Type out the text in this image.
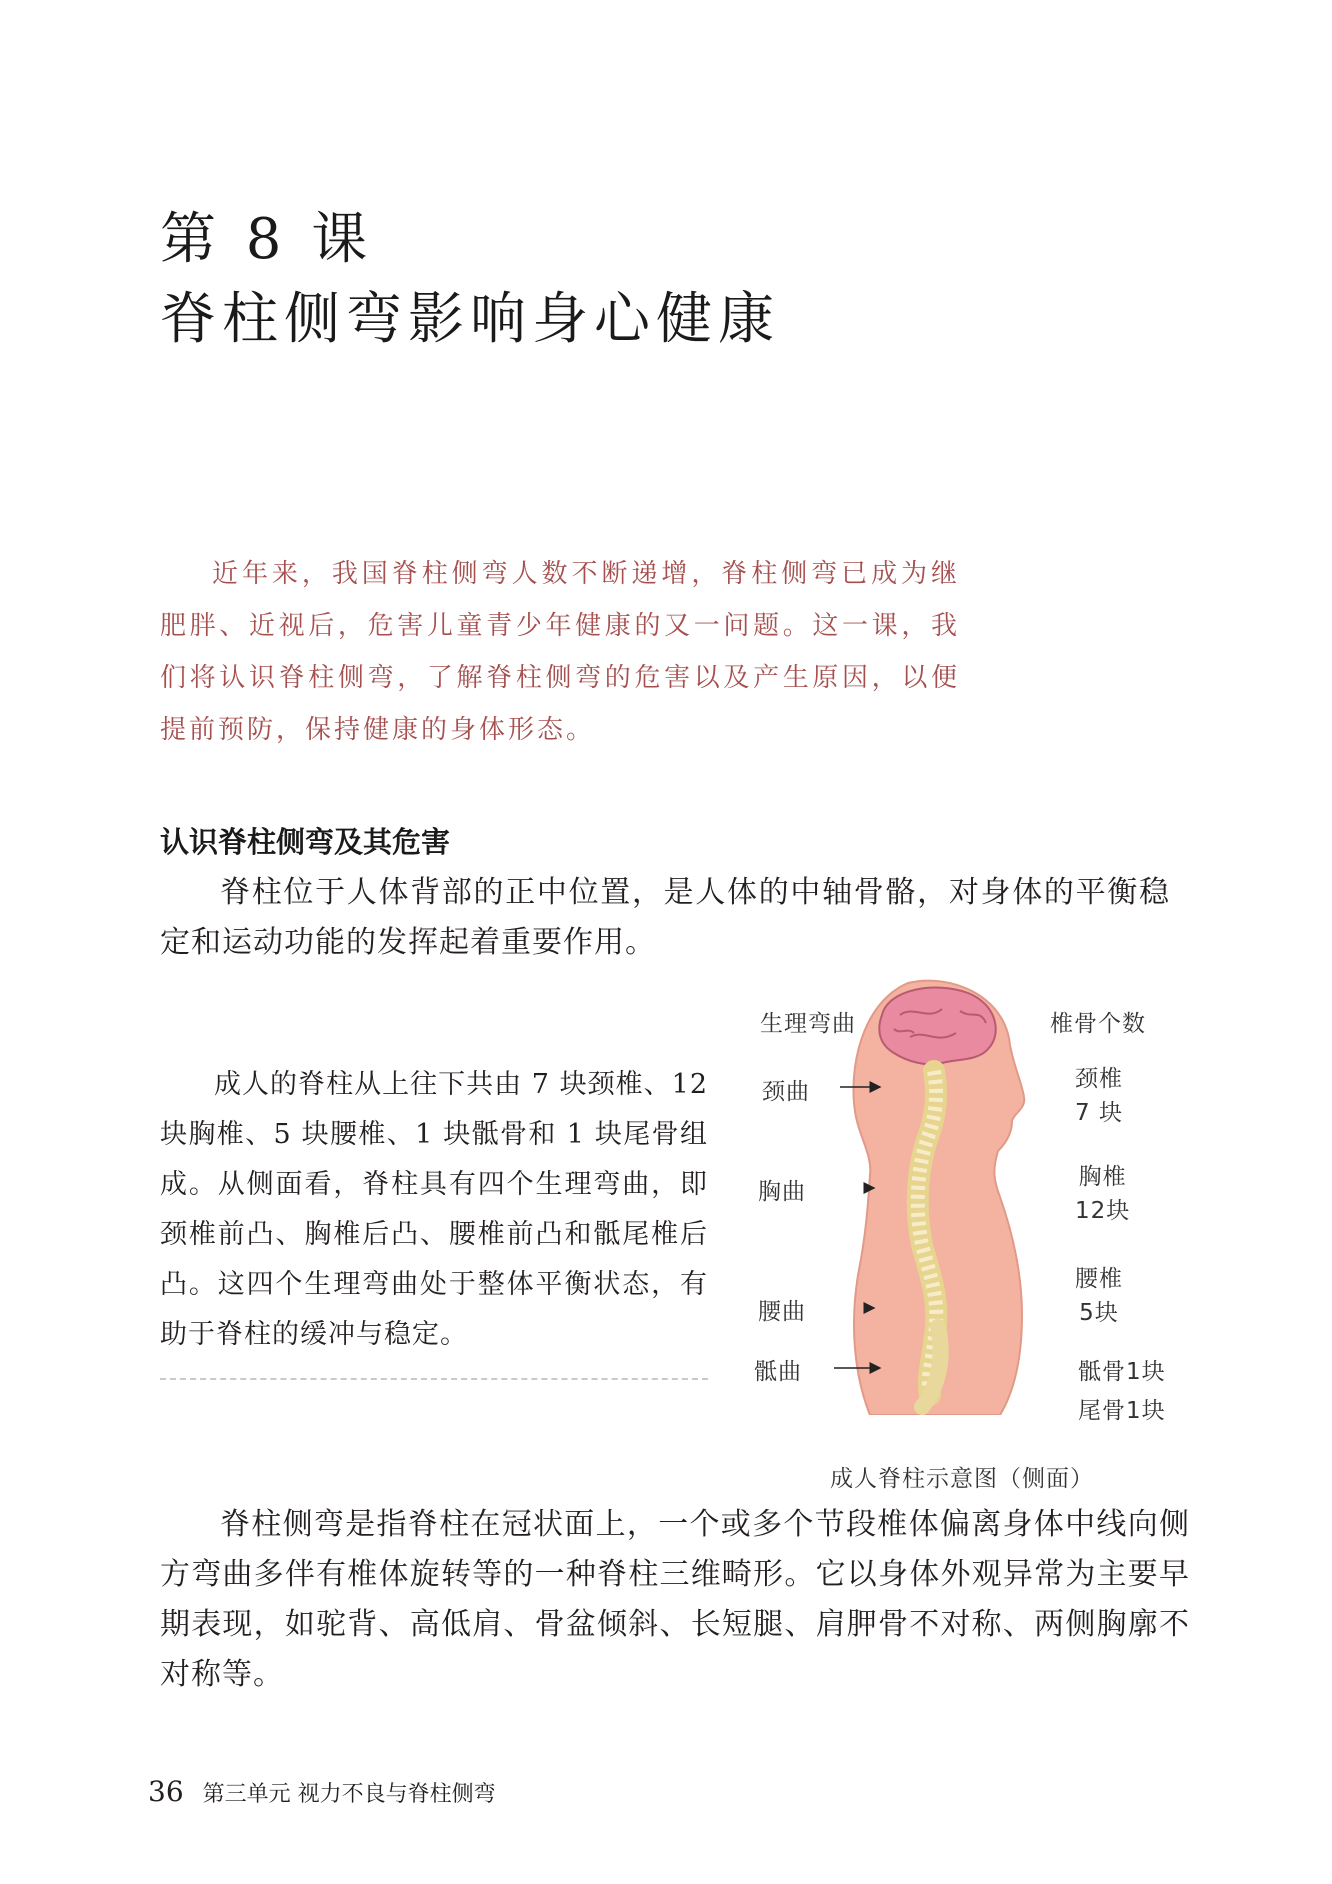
第 8 课
脊柱侧弯影响身心健康

近年来，我国脊柱侧弯人数不断递增，脊柱侧弯已成为继肥胖、近视后，危害儿童青少年健康的又一问题。这一课，我们将认识脊柱侧弯，了解脊柱侧弯的危害以及产生原因，以便提前预防，保持健康的身体形态。

认识脊柱侧弯及其危害

脊柱位于人体背部的正中位置，是人体的中轴骨骼，对身体的平衡稳定和运动功能的发挥起着重要作用。

成人的脊柱从上往下共由 7 块颈椎、12 块胸椎、5 块腰椎、1 块骶骨和 1 块尾骨组成。从侧面看，脊柱具有四个生理弯曲，即颈椎前凸、胸椎后凸、腰椎前凸和骶尾椎后凸。这四个生理弯曲处于整体平衡状态，有助于脊柱的缓冲与稳定。

生理弯曲	椎骨个数
颈曲
胸曲
腰曲
骶曲
颈椎
7 块
胸椎
12块
腰椎
5块
骶骨1块
尾骨1块
成人脊柱示意图（侧面）

脊柱侧弯是指脊柱在冠状面上，一个或多个节段椎体偏离身体中线向侧方弯曲多伴有椎体旋转等的一种脊柱三维畸形。它以身体外观异常为主要早期表现，如驼背、高低肩、骨盆倾斜、长短腿、肩胛骨不对称、两侧胸廓不对称等。

36 第三单元 视力不良与脊柱侧弯
